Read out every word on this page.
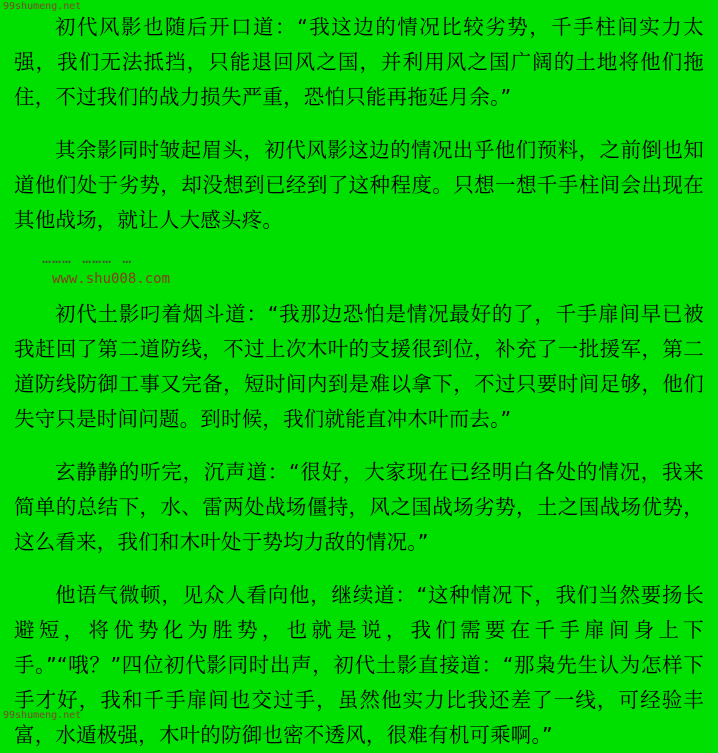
99shumeng.net

初代风影也随后开口道：“我这边的情况比较劣势，千手柱间实力太强，我们无法抵挡，只能退回风之国，并利用风之国广阔的土地将他们拖住，不过我们的战力损失严重，恐怕只能再拖延月余。”

其余影同时皱起眉头，初代风影这边的情况出乎他们预料，之前倒也知道他们处于劣势，却没想到已经到了这种程度。只想一想千手柱间会出现在其他战场，就让人大感头疼。

……… ……… …
www.shu008.com

初代土影叼着烟斗道：“我那边恐怕是情况最好的了，千手扉间早已被我赶回了第二道防线，不过上次木叶的支援很到位，补充了一批援军，第二道防线防御工事又完备，短时间内到是难以拿下，不过只要时间足够，他们失守只是时间问题。到时候，我们就能直冲木叶而去。”

玄静静的听完，沉声道：“很好，大家现在已经明白各处的情况，我来简单的总结下，水、雷两处战场僵持，风之国战场劣势，土之国战场优势，这么看来，我们和木叶处于势均力敌的情况。”

他语气微顿，见众人看向他，继续道：“这种情况下，我们当然要扬长避短，将优势化为胜势，也就是说，我们需要在千手扉间身上下手。”“哦？”四位初代影同时出声，初代土影直接道：“那枭先生认为怎样下手才好，我和千手扉间也交过手，虽然他实力比我还差了一线，可经验丰富，水遁极强，木叶的防御也密不透风，很难有机可乘啊。”

99shumeng.net
